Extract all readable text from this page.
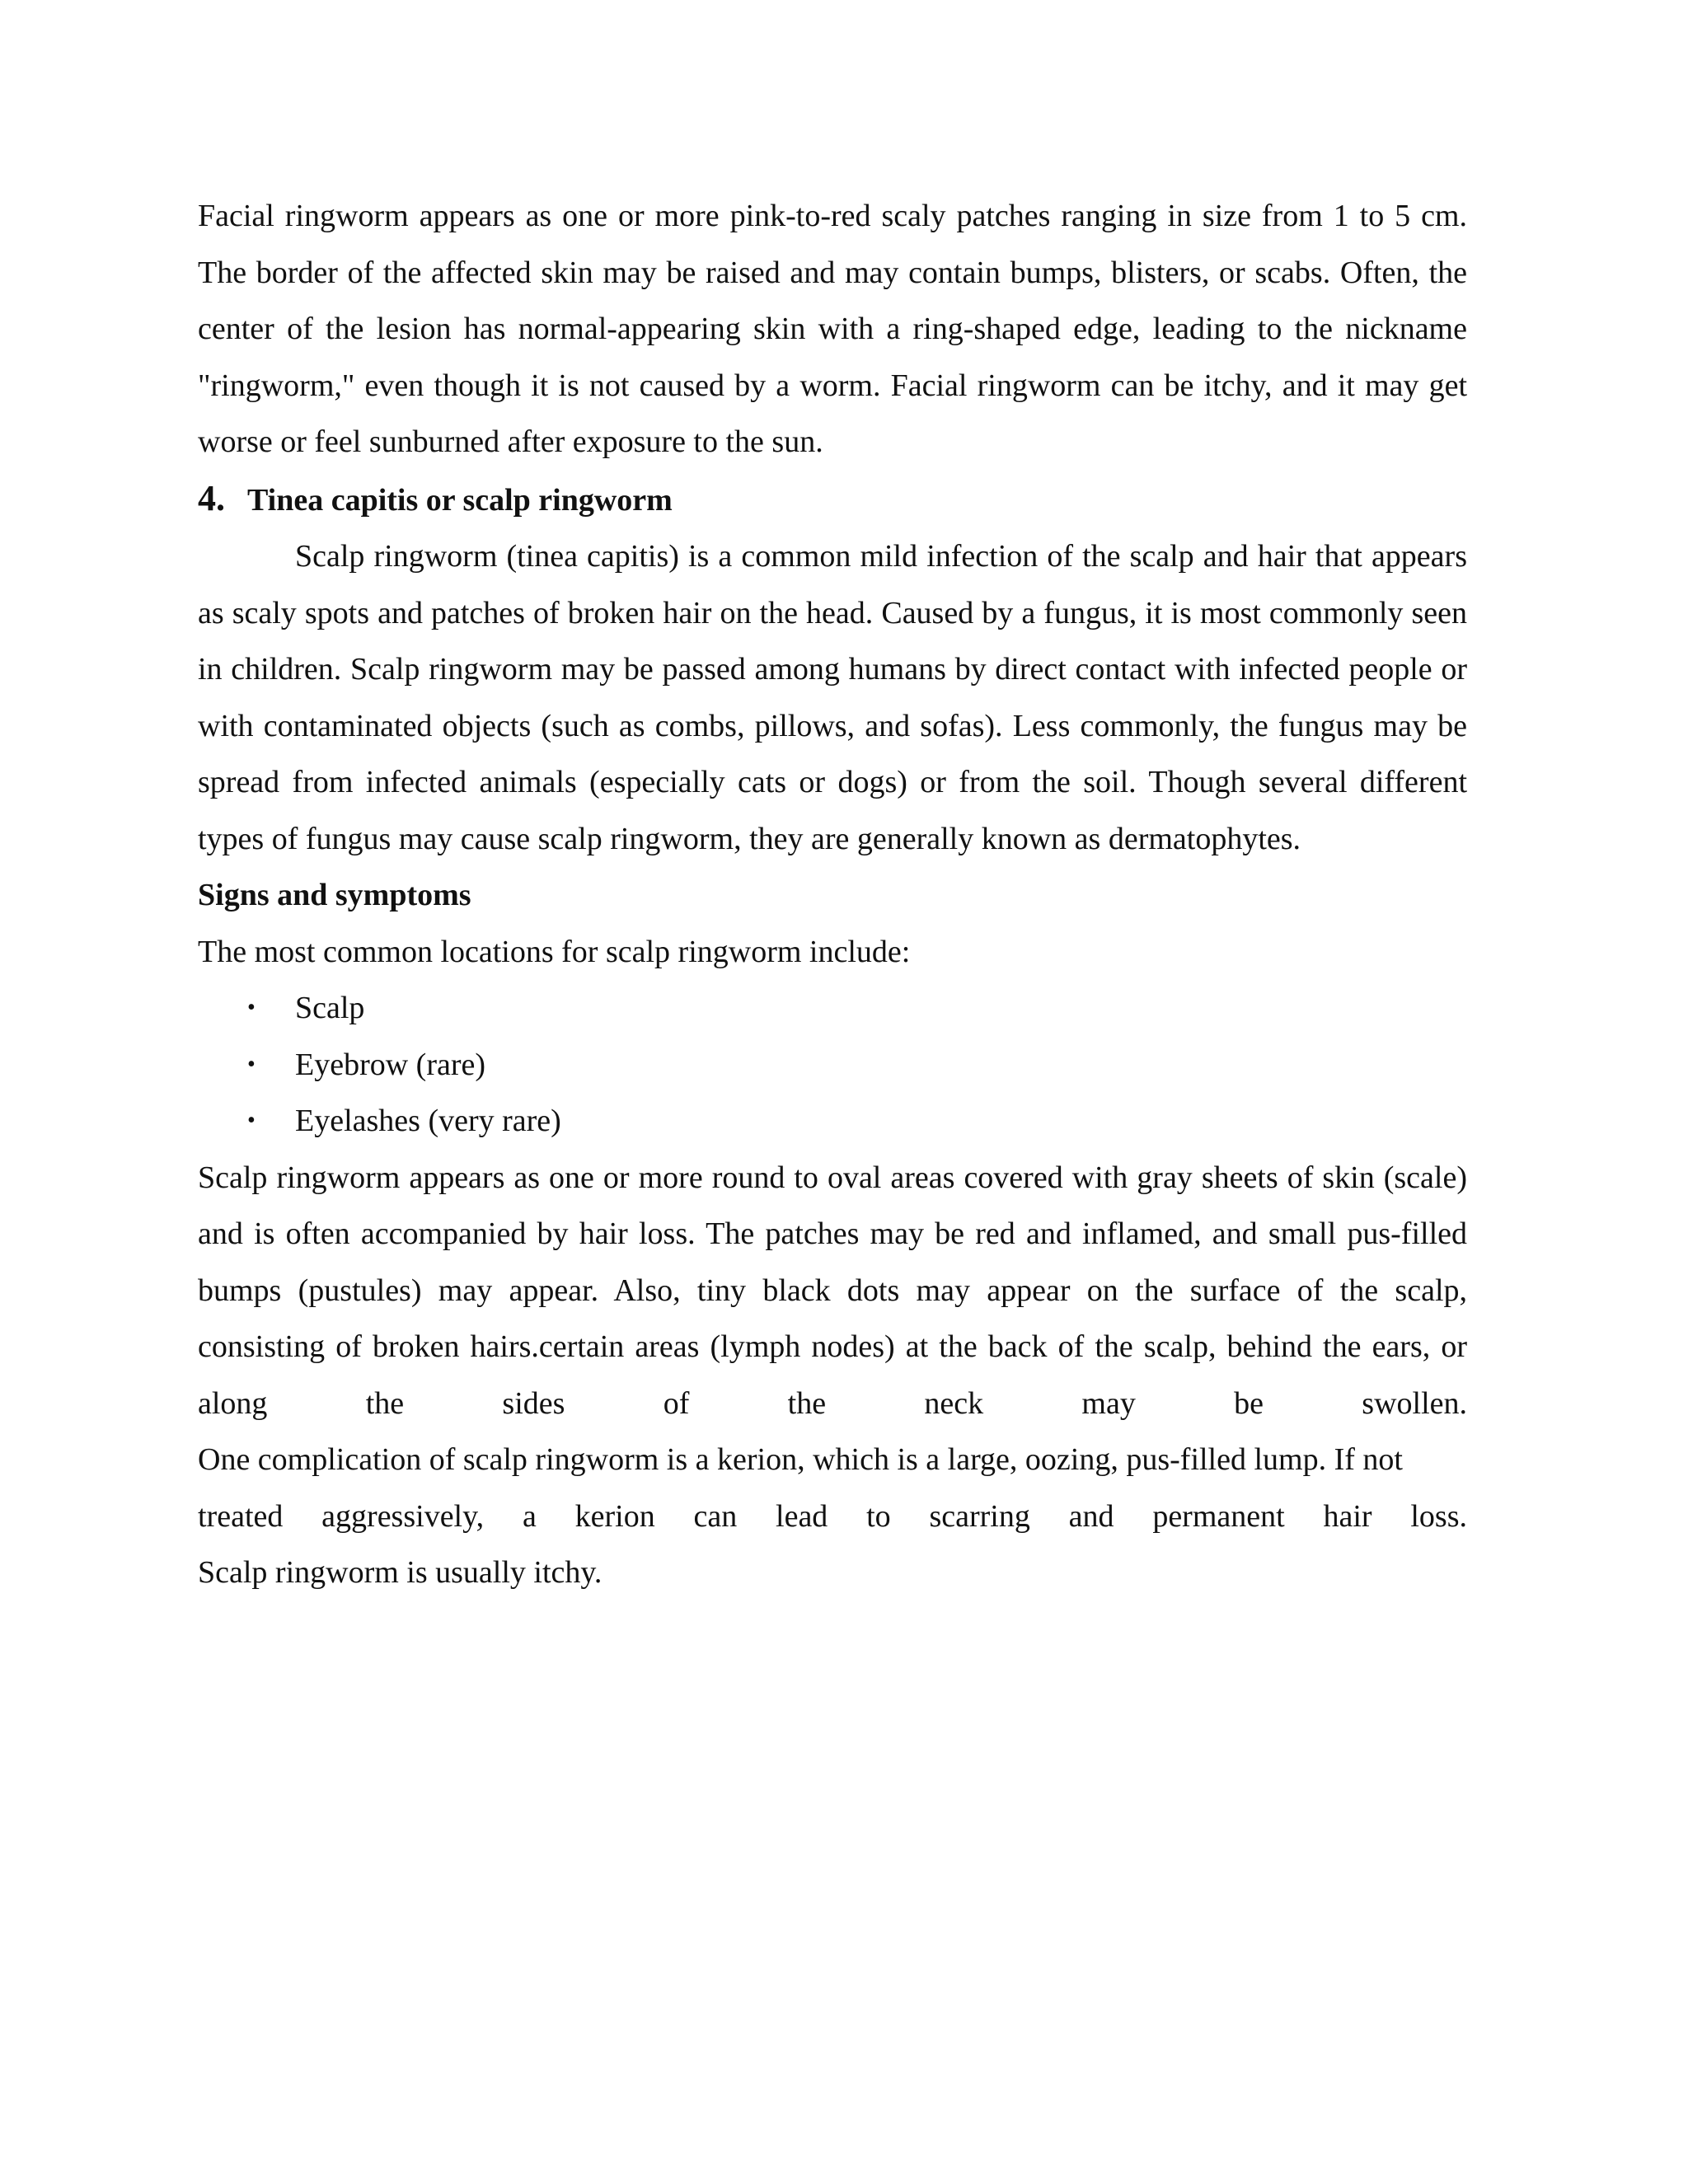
Facial ringworm appears as one or more pink-to-red scaly patches ranging in size from 1 to 5 cm. The border of the affected skin may be raised and may contain bumps, blisters, or scabs. Often, the center of the lesion has normal-appearing skin with a ring-shaped edge, leading to the nickname "ringworm," even though it is not caused by a worm. Facial ringworm can be itchy, and it may get worse or feel sunburned after exposure to the sun.

4. Tinea capitis or scalp ringworm

Scalp ringworm (tinea capitis) is a common mild infection of the scalp and hair that appears as scaly spots and patches of broken hair on the head. Caused by a fungus, it is most commonly seen in children. Scalp ringworm may be passed among humans by direct contact with infected people or with contaminated objects (such as combs, pillows, and sofas). Less commonly, the fungus may be spread from infected animals (especially cats or dogs) or from the soil. Though several different types of fungus may cause scalp ringworm, they are generally known as dermatophytes.

Signs and symptoms

The most common locations for scalp ringworm include:

• Scalp
• Eyebrow (rare)
• Eyelashes (very rare)

Scalp ringworm appears as one or more round to oval areas covered with gray sheets of skin (scale) and is often accompanied by hair loss. The patches may be red and inflamed, and small pus-filled bumps (pustules) may appear. Also, tiny black dots may appear on the surface of the scalp, consisting of broken hairs.certain areas (lymph nodes) at the back of the scalp, behind the ears, or along the sides of the neck may be swollen.

One complication of scalp ringworm is a kerion, which is a large, oozing, pus-filled lump. If not

treated aggressively, a kerion can lead to scarring and permanent hair loss.

Scalp ringworm is usually itchy.
